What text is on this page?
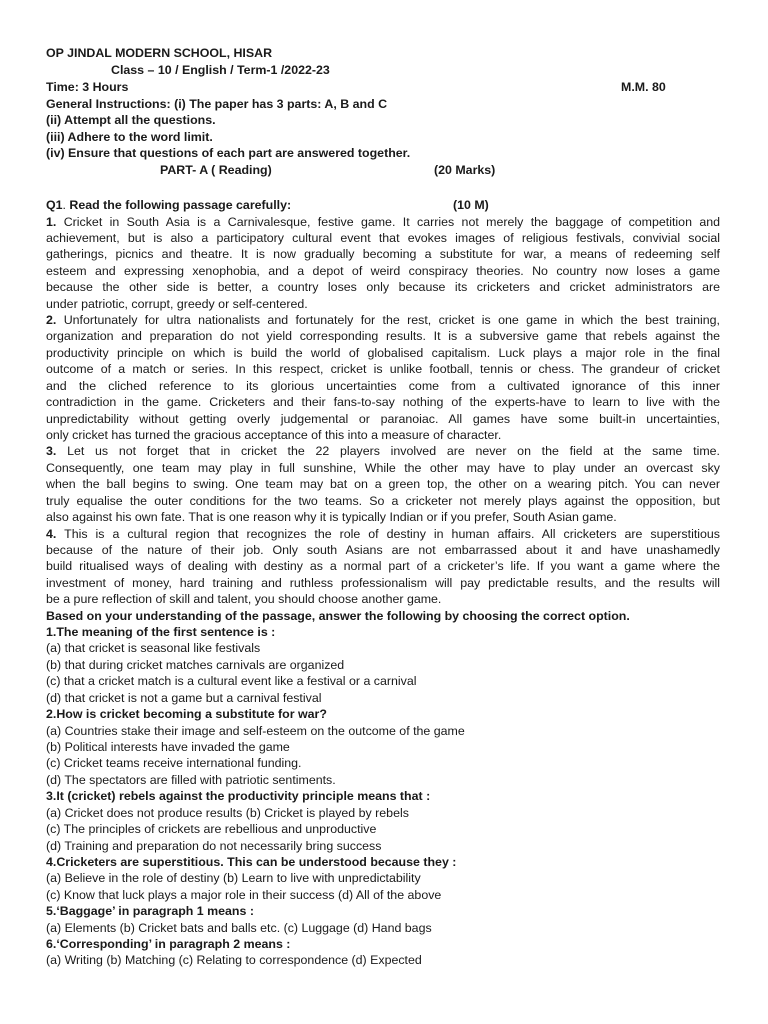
OP JINDAL MODERN SCHOOL, HISAR
Class – 10 / English / Term-1 /2022-23
Time: 3 Hours	M.M. 80
General Instructions: (i) The paper has 3 parts: A, B and C
(ii) Attempt all the questions.
(iii) Adhere to the word limit.
(iv) Ensure that questions of each part are answered together.
PART- A ( Reading)	(20 Marks)
Q1. Read the following passage carefully:	(10 M)
1. Cricket in South Asia is a Carnivalesque, festive game. It carries not merely the baggage of competition and
achievement, but is also a participatory cultural event that evokes images of religious festivals, convivial social
gatherings, picnics and theatre. It is now gradually becoming a substitute for war, a means of redeeming self
esteem and expressing xenophobia, and a depot of weird conspiracy theories. No country now loses a game
because the other side is better, a country loses only because its cricketers and cricket administrators are
under patriotic, corrupt, greedy or self-centered.
2. Unfortunately for ultra nationalists and fortunately for the rest, cricket is one game in which the best training,
organization and preparation do not yield corresponding results. It is a subversive game that rebels against the
productivity principle on which is build the world of globalised capitalism. Luck plays a major role in the final
outcome of a match or series. In this respect, cricket is unlike football, tennis or chess. The grandeur of cricket
and the cliched reference to its glorious uncertainties come from a cultivated ignorance of this inner
contradiction in the game. Cricketers and their fans-to-say nothing of the experts-have to learn to live with the
unpredictability without getting overly judgemental or paranoiac. All games have some built-in uncertainties,
only cricket has turned the gracious acceptance of this into a measure of character.
3. Let us not forget that in cricket the 22 players involved are never on the field at the same time.
Consequently, one team may play in full sunshine, While the other may have to play under an overcast sky
when the ball begins to swing. One team may bat on a green top, the other on a wearing pitch. You can never
truly equalise the outer conditions for the two teams. So a cricketer not merely plays against the opposition, but
also against his own fate. That is one reason why it is typically Indian or if you prefer, South Asian game.
4. This is a cultural region that recognizes the role of destiny in human affairs. All cricketers are superstitious
because of the nature of their job. Only south Asians are not embarrassed about it and have unashamedly
build ritualised ways of dealing with destiny as a normal part of a cricketer’s life. If you want a game where the
investment of money, hard training and ruthless professionalism will pay predictable results, and the results will
be a pure reflection of skill and talent, you should choose another game.
Based on your understanding of the passage, answer the following by choosing the correct option.
1.The meaning of the first sentence is :
(a) that cricket is seasonal like festivals
(b) that during cricket matches carnivals are organized
(c) that a cricket match is a cultural event like a festival or a carnival
(d) that cricket is not a game but a carnival festival
2.How is cricket becoming a substitute for war?
(a) Countries stake their image and self-esteem on the outcome of the game
(b) Political interests have invaded the game
(c) Cricket teams receive international funding.
(d) The spectators are filled with patriotic sentiments.
3.It (cricket) rebels against the productivity principle means that :
(a) Cricket does not produce results (b) Cricket is played by rebels
(c) The principles of crickets are rebellious and unproductive
(d) Training and preparation do not necessarily bring success
4.Cricketers are superstitious. This can be understood because they :
(a) Believe in the role of destiny (b) Learn to live with unpredictability
(c) Know that luck plays a major role in their success (d) All of the above
5.‘Baggage’ in paragraph 1 means :
(a) Elements (b) Cricket bats and balls etc. (c) Luggage (d) Hand bags
6.‘Corresponding’ in paragraph 2 means :
(a) Writing (b) Matching (c) Relating to correspondence (d) Expected
